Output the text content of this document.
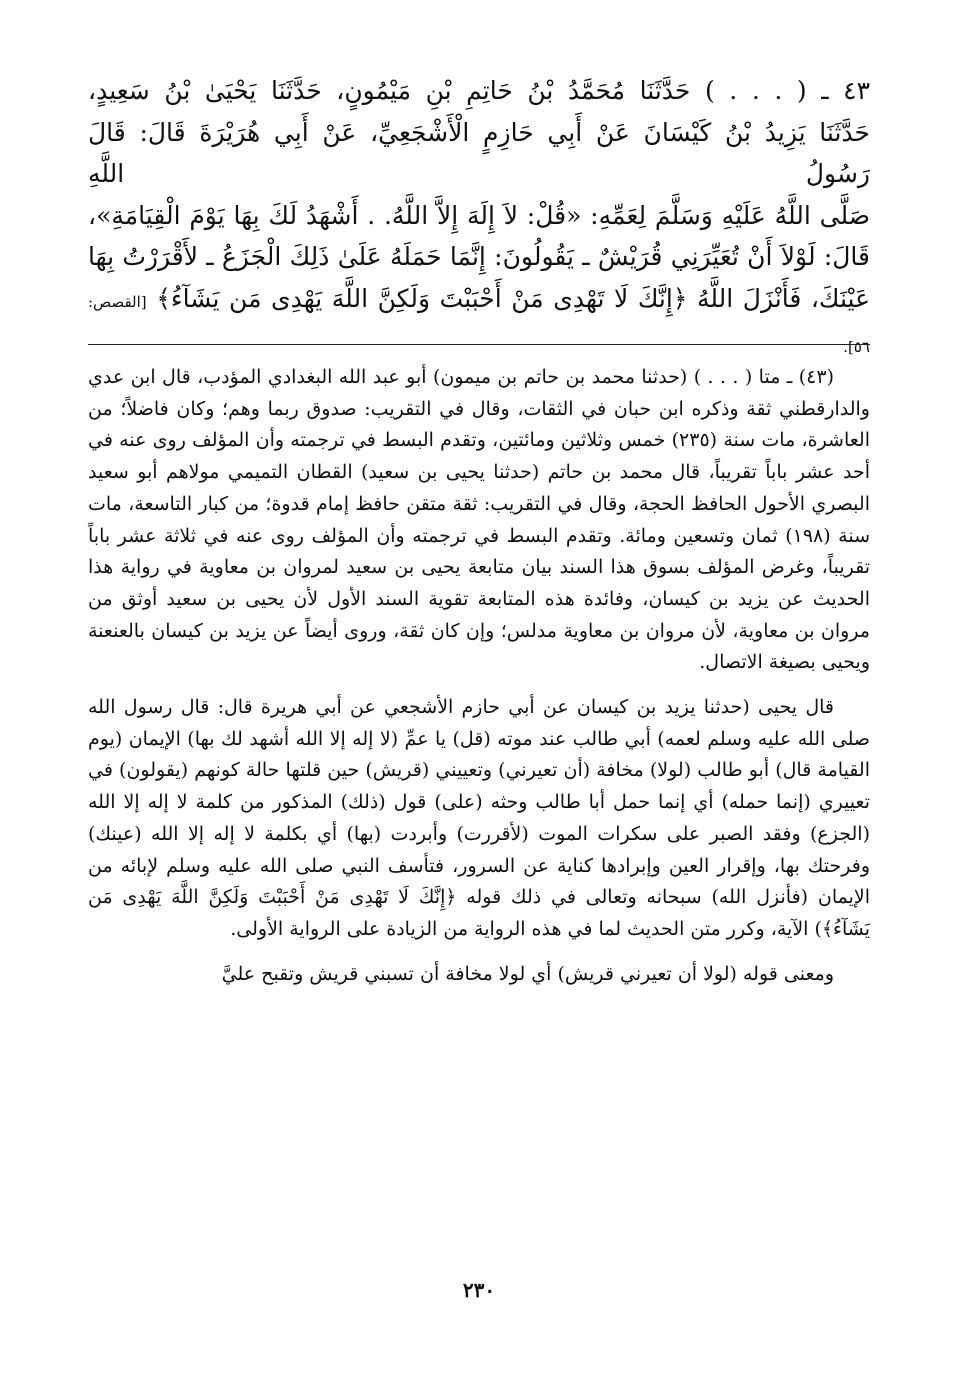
٤٣ ـ ( . . . ) حَدَّثَنَا مُحَمَّدُ بْنُ حَاتِمِ بْنِ مَيْمُونٍ، حَدَّثَنَا يَحْيَىٰ بْنُ سَعِيدٍ،
حَدَّثَنَا يَزِيدُ بْنُ كَيْسَانَ عَنْ أَبِي حَازِمٍ الْأَشْجَعِيِّ، عَنْ أَبِي هُرَيْرَةَ قَالَ: قَالَ رَسُولُ اللَّهِ
صَلَّى اللَّهُ عَلَيْهِ وَسَلَّمَ لِعَمِّهِ: «قُلْ: لاَ إِلَهَ إِلاَّ اللَّهُ. . أَشْهَدُ لَكَ بِهَا يَوْمَ الْقِيَامَةِ»،
قَالَ: لَوْلاَ أَنْ تُعَيِّرَنِي قُرَيْشٌ ـ يَقُولُونَ: إِنَّمَا حَمَلَهُ عَلَىٰ ذَلِكَ الْجَزَعُ ـ لأَقْرَرْتُ بِهَا
عَيْنَكَ، فَأَنْزَلَ اللَّهُ ﴿إِنَّكَ لَا تَهْدِى مَنْ أَحْبَبْتَ وَلَكِنَّ اللَّهَ يَهْدِى مَن يَشَآءُ﴾ [القصص: ٥٦].

(٤٣) ـ متا ( . . . ) (حدثنا محمد بن حاتم بن ميمون) أبو عبد الله البغدادي المؤدب، قال ابن عدي والدارقطني ثقة وذكره ابن حبان في الثقات، وقال في التقريب: صدوق ربما وهم؛ وكان فاضلاً؛ من العاشرة، مات سنة (٢٣٥) خمس وثلاثين ومائتين، وتقدم البسط في ترجمته وأن المؤلف روى عنه في أحد عشر باباً تقريباً، قال محمد بن حاتم (حدثنا يحيى بن سعيد) القطان التميمي مولاهم أبو سعيد البصري الأحول الحافظ الحجة، وقال في التقريب: ثقة متقن حافظ إمام قدوة؛ من كبار التاسعة، مات سنة (١٩٨) ثمان وتسعين ومائة. وتقدم البسط في ترجمته وأن المؤلف روى عنه في ثلاثة عشر باباً تقريباً، وغرض المؤلف بسوق هذا السند بيان متابعة يحيى بن سعيد لمروان بن معاوية في رواية هذا الحديث عن يزيد بن كيسان، وفائدة هذه المتابعة تقوية السند الأول لأن يحيى بن سعيد أوثق من مروان بن معاوية، لأن مروان بن معاوية مدلس؛ وإن كان ثقة، وروى أيضاً عن يزيد بن كيسان بالعنعنة ويحيى بصيغة الاتصال.

قال يحيى (حدثنا يزيد بن كيسان عن أبي حازم الأشجعي عن أبي هريرة قال: قال رسول الله صلى الله عليه وسلم لعمه) أبي طالب عند موته (قل) يا عمِّ (لا إله إلا الله أشهد لك بها) الإيمان (يوم القيامة قال) أبو طالب (لولا) مخافة (أن تعيرني) وتعييني (قريش) حين قلتها حالة كونهم (يقولون) في تعييري (إنما حمله) أي إنما حمل أبا طالب وحثه (على) قول (ذلك) المذكور من كلمة لا إله إلا الله (الجزع) وفقد الصبر على سكرات الموت (لأقررت) وأبردت (بها) أي بكلمة لا إله إلا الله (عينك) وفرحتك بها، وإقرار العين وإبرادها كناية عن السرور، فتأسف النبي صلى الله عليه وسلم لإبائه من الإيمان (فأنزل الله) سبحانه وتعالى في ذلك قوله ﴿إِنَّكَ لَا تَهْدِى مَنْ أَحْبَبْتَ وَلَكِنَّ اللَّهَ يَهْدِى مَن يَشَآءُ﴾) الآية، وكرر متن الحديث لما في هذه الرواية من الزيادة على الرواية الأولى.

ومعنى قوله (لولا أن تعيرني قريش) أي لولا مخافة أن تسبني قريش وتقبح عليَّ

٢٣٠
